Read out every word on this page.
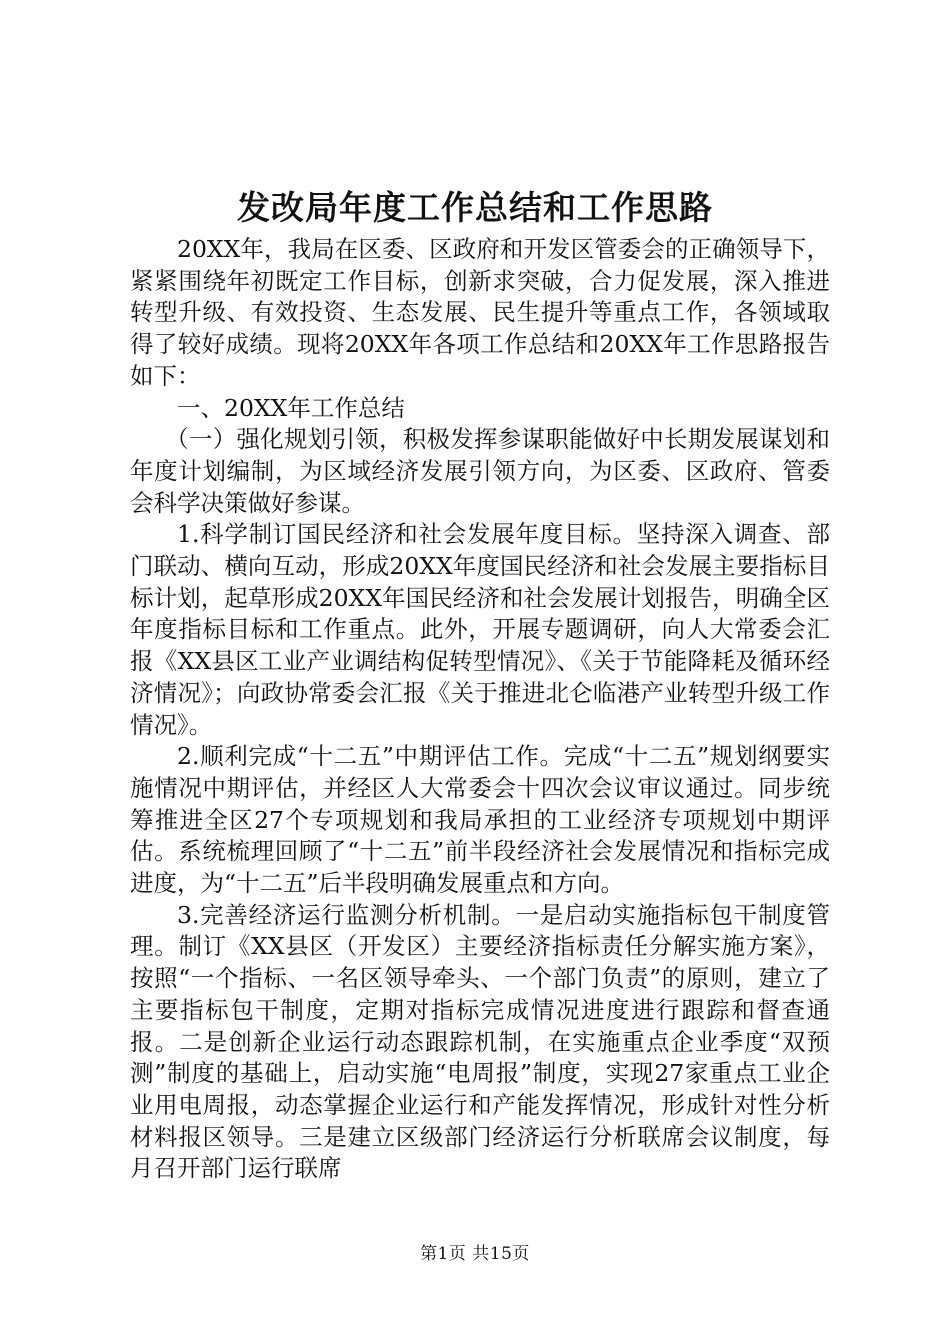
发改局年度工作总结和工作思路

20XX年，我局在区委、区政府和开发区管委会的正确领导下，紧紧围绕年初既定工作目标，创新求突破，合力促发展，深入推进转型升级、有效投资、生态发展、民生提升等重点工作，各领域取得了较好成绩。现将20XX年各项工作总结和20XX年工作思路报告如下：

一、20XX年工作总结

（一）强化规划引领，积极发挥参谋职能做好中长期发展谋划和年度计划编制，为区域经济发展引领方向，为区委、区政府、管委会科学决策做好参谋。

1.科学制订国民经济和社会发展年度目标。坚持深入调查、部门联动、横向互动，形成20XX年度国民经济和社会发展主要指标目标计划，起草形成20XX年国民经济和社会发展计划报告，明确全区年度指标目标和工作重点。此外，开展专题调研，向人大常委会汇报《XX县区工业产业调结构促转型情况》、《关于节能降耗及循环经济情况》；向政协常委会汇报《关于推进北仑临港产业转型升级工作情况》。

2.顺利完成“十二五”中期评估工作。完成“十二五”规划纲要实施情况中期评估，并经区人大常委会十四次会议审议通过。同步统筹推进全区27个专项规划和我局承担的工业经济专项规划中期评估。系统梳理回顾了“十二五”前半段经济社会发展情况和指标完成进度，为“十二五”后半段明确发展重点和方向。

3.完善经济运行监测分析机制。一是启动实施指标包干制度管理。制订《XX县区（开发区）主要经济指标责任分解实施方案》，按照“一个指标、一名区领导牵头、一个部门负责”的原则，建立了主要指标包干制度，定期对指标完成情况进度进行跟踪和督查通报。二是创新企业运行动态跟踪机制，在实施重点企业季度“双预测”制度的基础上，启动实施“电周报”制度，实现27家重点工业企业用电周报，动态掌握企业运行和产能发挥情况，形成针对性分析材料报区领导。三是建立区级部门经济运行分析联席会议制度，每月召开部门运行联席

第1页 共15页
